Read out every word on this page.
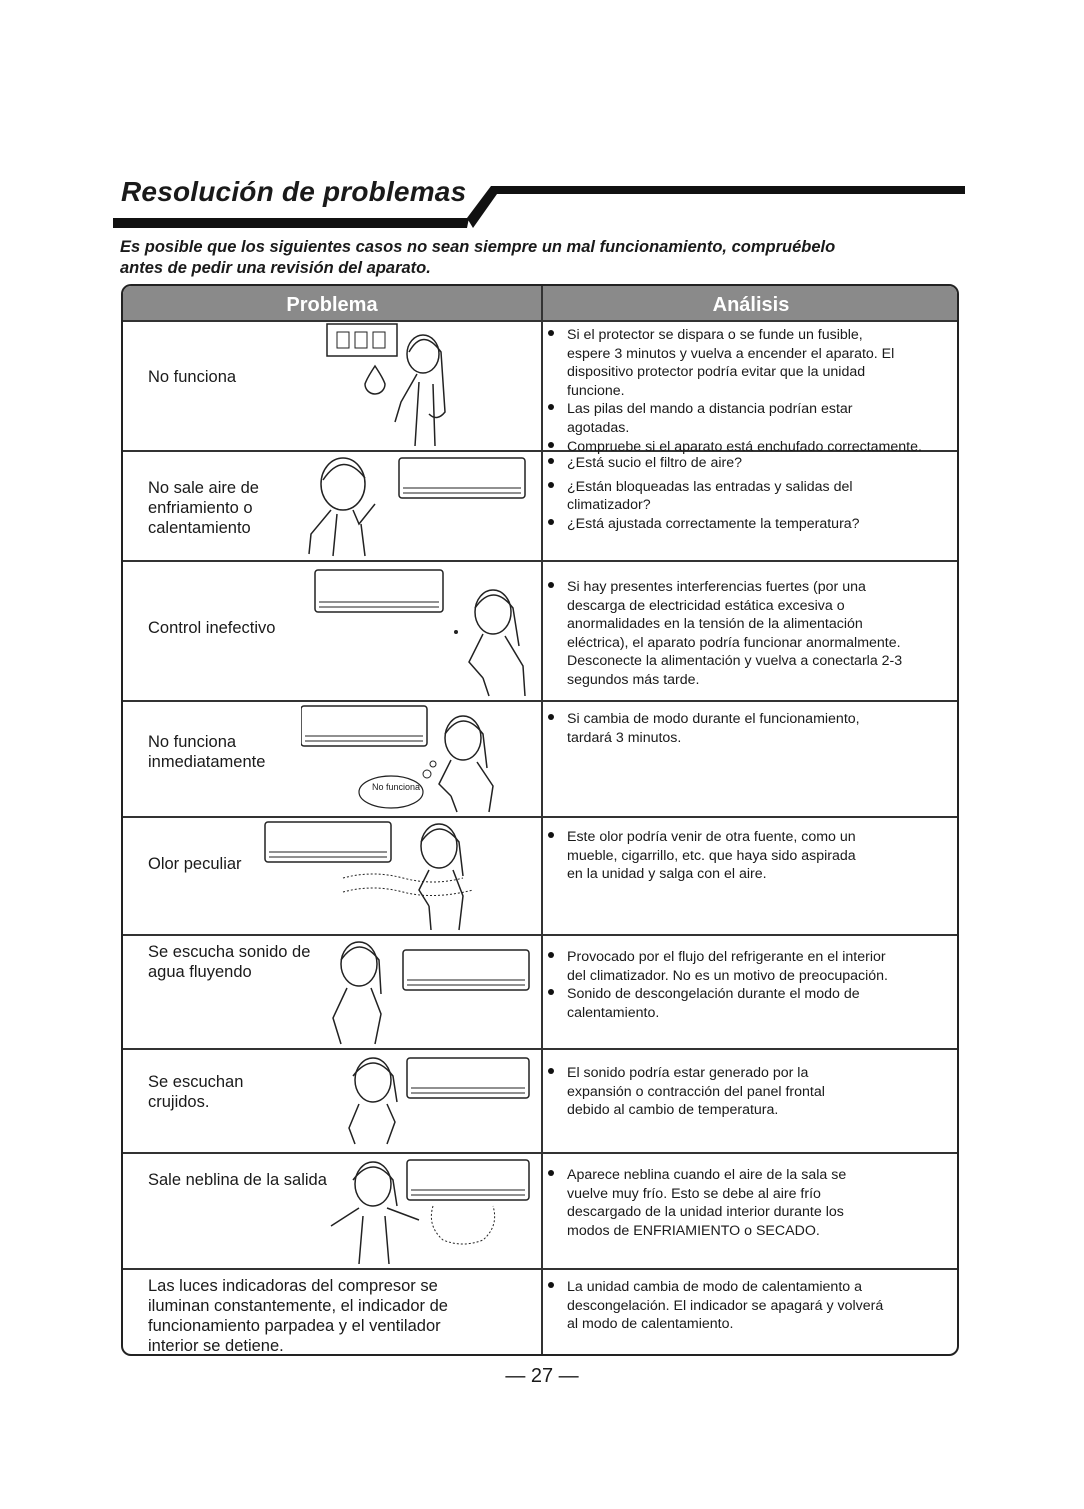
Resolución de problemas
Es posible que los siguientes casos no sean siempre un mal funcionamiento, compruébelo
antes de pedir una revisión del aparato.
Problema	Análisis
No funciona
Si el protector se dispara o se funde un fusible,
espere 3 minutos y vuelva a encender el aparato. El
dispositivo protector podría evitar que la unidad
funcione.
Las pilas del mando a distancia podrían estar
agotadas.
Compruebe si el aparato está enchufado correctamente.
No sale aire de
enfriamiento o
calentamiento
¿Está sucio el filtro de aire?
¿Están bloqueadas las entradas y salidas del
climatizador?
¿Está ajustada correctamente la temperatura?
Control inefectivo
Si hay presentes interferencias fuertes (por una
descarga de electricidad estática excesiva o
anormalidades en la tensión de la alimentación
eléctrica), el aparato podría funcionar anormalmente.
Desconecte la alimentación y vuelva a conectarla 2-3
segundos más tarde.
No funciona
inmediatamente
Si cambia de modo durante el funcionamiento,
tardará 3 minutos.
Olor peculiar
Este olor podría venir de otra fuente, como un
mueble, cigarrillo, etc. que haya sido aspirada
en la unidad y salga con el aire.
Se escucha sonido de
agua fluyendo
Provocado por el flujo del refrigerante en el interior
del climatizador. No es un motivo de preocupación.
Sonido de descongelación durante el modo de
calentamiento.
Se escuchan
crujidos.
El sonido podría estar generado por la
expansión o contracción del panel frontal
debido al cambio de temperatura.
Sale neblina de la salida	Aparece neblina cuando el aire de la sala se
vuelve muy frío. Esto se debe al aire frío
descargado de la unidad interior durante los
modos de ENFRIAMIENTO o SECADO.
Las luces indicadoras del compresor se
iluminan constantemente, el indicador de
funcionamiento parpadea y el ventilador
interior se detiene.
La unidad cambia de modo de calentamiento a
descongelación. El indicador se apagará y volverá
al modo de calentamiento.
No funciona
— 27 —
